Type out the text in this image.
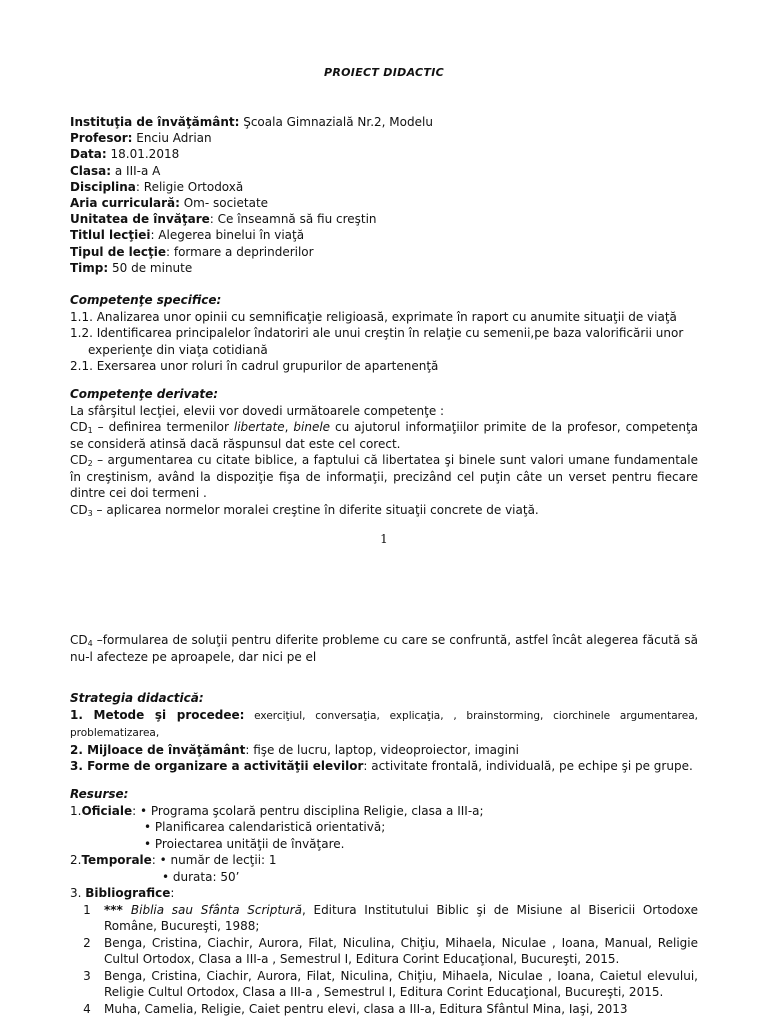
PROIECT DIDACTIC
Instituţia de învăţământ: Şcoala Gimnazială Nr.2, Modelu
Profesor: Enciu Adrian
Data: 18.01.2018
Clasa: a III-a A
Disciplina: Religie Ortodoxă
Aria curriculară: Om- societate
Unitatea de învăţare: Ce înseamnă să fiu creştin
Titlul lecţiei: Alegerea binelui în viaţă
Tipul de lecţie: formare a deprinderilor
Timp: 50 de minute
Competenţe specifice:
1.1. Analizarea unor opinii cu semnificaţie religioasă, exprimate în raport cu anumite situaţii de viaţă
1.2. Identificarea principalelor îndatoriri ale unui creştin în relaţie cu semenii,pe baza valorificării unor
experienţe din viaţa cotidiană
2.1. Exersarea unor roluri în cadrul grupurilor de apartenenţă
Competenţe derivate:
La sfârşitul lecţiei, elevii vor dovedi următoarele competenţe :
$CD_1$ – definirea termenilor libertate, binele cu ajutorul informaţiilor primite de la profesor, competenţa se consideră atinsă dacă răspunsul dat este cel corect.
$CD_2$ – argumentarea cu citate biblice, a faptului că libertatea şi binele sunt valori umane fundamentale în creştinism, având la dispoziţie fişa de informaţii, precizând cel puţin câte un verset pentru fiecare dintre cei doi termeni .
$CD_3$ – aplicarea normelor moralei creştine în diferite situaţii concrete de viaţă.
1
$CD_4$ –formularea de soluţii pentru diferite probleme cu care se confruntă, astfel încât alegerea făcută să nu-l afecteze pe aproapele, dar nici pe el
Strategia didactică:
1. Metode şi procedee: exerciţiul, conversaţia, explicaţia, , brainstorming, ciorchinele argumentarea, problematizarea,
2. Mijloace de învăţământ: fişe de lucru, laptop, videoproiector, imagini
3. Forme de organizare a activităţii elevilor: activitate frontală, individuală, pe echipe şi pe grupe.
Resurse:
1.Oficiale: • Programa şcolară pentru disciplina Religie, clasa a III-a;
• Planificarea calendaristică orientativă;
• Proiectarea unităţii de învăţare.
2.Temporale: • număr de lecţii: 1
• durata: 50’
3. Bibliografice:
1	*** Biblia sau Sfânta Scriptură, Editura Institutului Biblic şi de Misiune al Bisericii Ortodoxe Române, Bucureşti, 1988;
2	Benga, Cristina, Ciachir, Aurora, Filat, Niculina, Chiţiu, Mihaela, Niculae , Ioana, Manual, Religie Cultul Ortodox, Clasa a III-a , Semestrul I, Editura Corint Educaţional, Bucureşti, 2015.
3	Benga, Cristina, Ciachir, Aurora, Filat, Niculina, Chiţiu, Mihaela, Niculae , Ioana, Caietul elevului, Religie Cultul Ortodox, Clasa a III-a , Semestrul I, Editura Corint Educaţional, Bucureşti, 2015.
4	Muha, Camelia, Religie, Caiet pentru elevi, clasa a III-a, Editura Sfântul Mina, Iaşi, 2013
